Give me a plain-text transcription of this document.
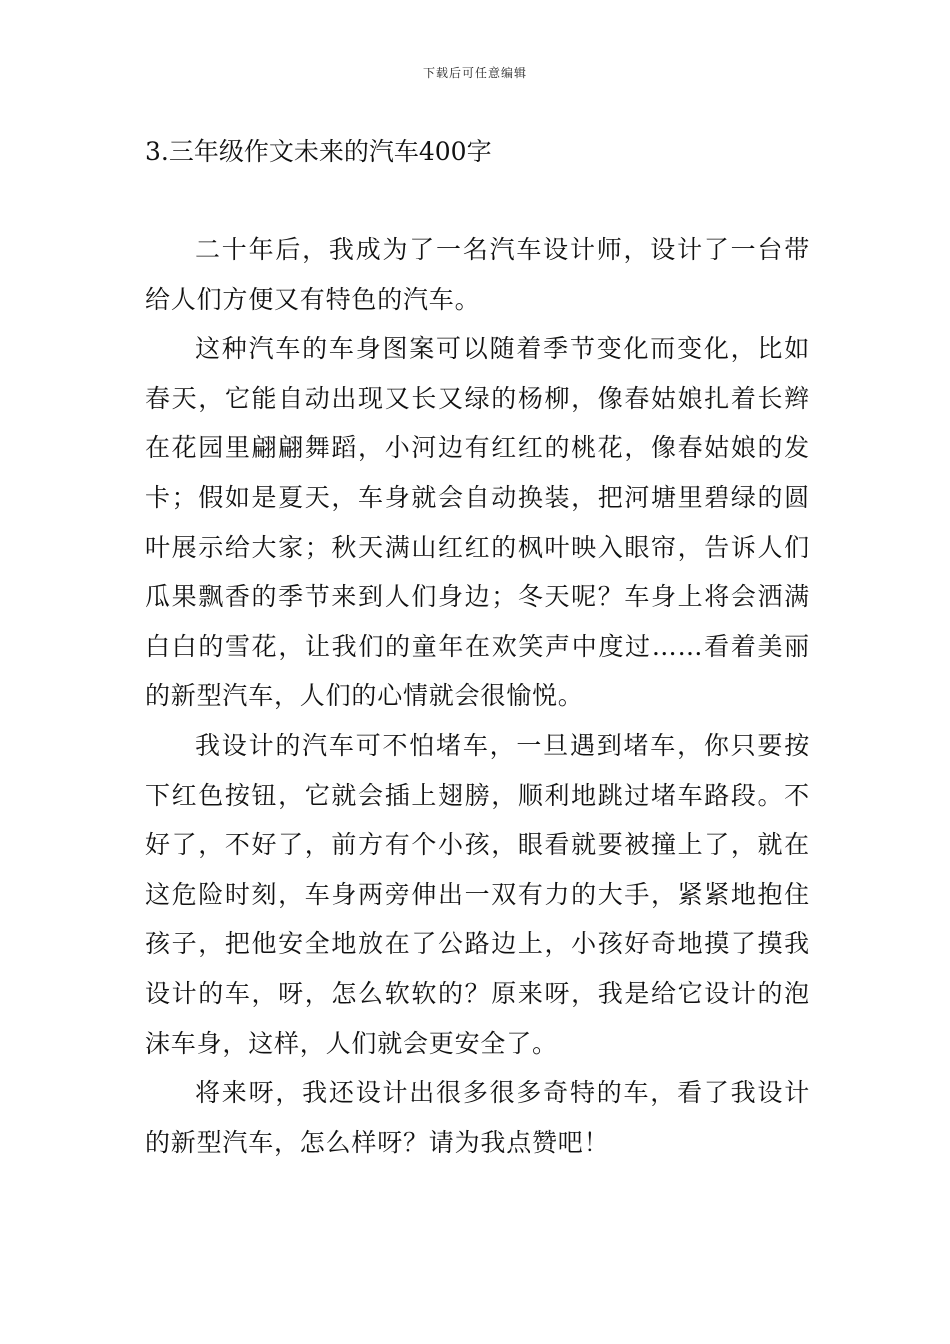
下载后可任意编辑
3.三年级作文未来的汽车400字

二十年后，我成为了一名汽车设计师，设计了一台带给人们方便又有特色的汽车。

这种汽车的车身图案可以随着季节变化而变化，比如春天，它能自动出现又长又绿的杨柳，像春姑娘扎着长辫在花园里翩翩舞蹈，小河边有红红的桃花，像春姑娘的发卡；假如是夏天，车身就会自动换装，把河塘里碧绿的圆叶展示给大家；秋天满山红红的枫叶映入眼帘，告诉人们瓜果飘香的季节来到人们身边；冬天呢？车身上将会洒满白白的雪花，让我们的童年在欢笑声中度过……看着美丽的新型汽车，人们的心情就会很愉悦。

我设计的汽车可不怕堵车，一旦遇到堵车，你只要按下红色按钮，它就会插上翅膀，顺利地跳过堵车路段。不好了，不好了，前方有个小孩，眼看就要被撞上了，就在这危险时刻，车身两旁伸出一双有力的大手，紧紧地抱住孩子，把他安全地放在了公路边上，小孩好奇地摸了摸我设计的车，呀，怎么软软的？原来呀，我是给它设计的泡沫车身，这样，人们就会更安全了。

将来呀，我还设计出很多很多奇特的车，看了我设计的新型汽车，怎么样呀？请为我点赞吧！
